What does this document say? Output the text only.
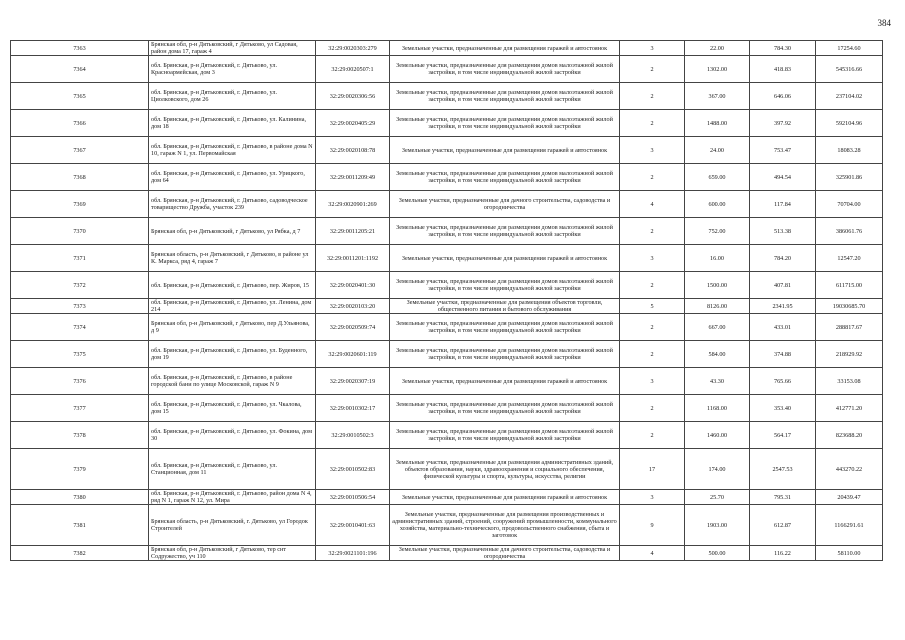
384
7363	Брянская обл, р-н Дятьковский, г Дятьково, ул Садовая, район дома 17, гараж 4	32:29:0020303:279	Земельные участки, предназначенные для размещения гаражей и автостоянок	3	22.00	784.30	17254.60
7364	обл. Брянская, р-н Дятьковский, г. Дятьково, ул. Красноармейская, дом 3	32:29:0020507:1	Земельные участки, предназначенные для размещения домов малоэтажной жилой застройки, в том числе индивидуальной жилой застройки	2	1302.00	418.83	545316.66
7365	обл. Брянская, р-н Дятьковский, г. Дятьково, ул. Циолковского, дом 26	32:29:0020306:56	Земельные участки, предназначенные для размещения домов малоэтажной жилой застройки, в том числе индивидуальной жилой застройки	2	367.00	646.06	237104.02
7366	обл. Брянская, р-н Дятьковский, г. Дятьково, ул. Калинина, дом 18	32:29:0020405:29	Земельные участки, предназначенные для размещения домов малоэтажной жилой застройки, в том числе индивидуальной жилой застройки	2	1488.00	397.92	592104.96
7367	обл. Брянская, р-н Дятьковский, г. Дятьково, в районе дома N 10, гараж N 1, ул. Первомайская	32:29:0020108:78	Земельные участки, предназначенные для размещения гаражей и автостоянок	3	24.00	753.47	18083.28
7368	обл. Брянская, р-н Дятьковский, г. Дятьково, ул. Урицкого, дом 64	32:29:0011209:49	Земельные участки, предназначенные для размещения домов малоэтажной жилой застройки, в том числе индивидуальной жилой застройки	2	659.00	494.54	325901.86
7369	обл. Брянская, р-н Дятьковский, г. Дятьково, садоводческое товарищество Дружба, участок 239	32:29:0020901:269	Земельные участки, предназначенные для дачного строительства, садоводства и огородничества	4	600.00	117.84	70704.00
7370	Брянская обл, р-н Дятьковский, г Дятьково, ул Рябка, д 7	32:29:0011205:21	Земельные участки, предназначенные для размещения домов малоэтажной жилой застройки, в том числе индивидуальной жилой застройки	2	752.00	513.38	386061.76
7371	Брянская область, р-н Дятьковский, г Дятьково, в районе ул К. Маркса, ряд 4, гараж 7	32:29:0011201:1192	Земельные участки, предназначенные для размещения гаражей и автостоянок	3	16.00	784.20	12547.20
7372	обл. Брянская, р-н Дятьковский, г. Дятьково, пер. Жиров, 15	32:29:0020401:30	Земельные участки, предназначенные для размещения домов малоэтажной жилой застройки, в том числе индивидуальной жилой застройки	2	1500.00	407.81	611715.00
7373	обл. Брянская, р-н Дятьковский, г. Дятьково, ул. Ленина, дом 214	32:29:0020103:20	Земельные участки, предназначенные для размещения объектов торговли, общественного питания и бытового обслуживания	5	8126.00	2341.95	19030685.70
7374	Брянская обл, р-н Дятьковский, г Дятьково, пер Д.Ульянова, д 9	32:29:0020509:74	Земельные участки, предназначенные для размещения домов малоэтажной жилой застройки, в том числе индивидуальной жилой застройки	2	667.00	433.01	288817.67
7375	обл. Брянская, р-н Дятьковский, г. Дятьково, ул. Буденного, дом 19	32:29:0020601:119	Земельные участки, предназначенные для размещения домов малоэтажной жилой застройки, в том числе индивидуальной жилой застройки	2	584.00	374.88	218929.92
7376	обл. Брянская, р-н Дятьковский, г. Дятьково, в районе городской бани по улице Московской, гараж N 9	32:29:0020307:19	Земельные участки, предназначенные для размещения гаражей и автостоянок	3	43.30	765.66	33153.08
7377	обл. Брянская, р-н Дятьковский, г. Дятьково, ул. Чкалова, дом 15	32:29:0010302:17	Земельные участки, предназначенные для размещения домов малоэтажной жилой застройки, в том числе индивидуальной жилой застройки	2	1168.00	353.40	412771.20
7378	обл. Брянская, р-н Дятьковский, г. Дятьково, ул. Фокина, дом 30	32:29:0010502:3	Земельные участки, предназначенные для размещения домов малоэтажной жилой застройки, в том числе индивидуальной жилой застройки	2	1460.00	564.17	823688.20
7379	обл. Брянская, р-н Дятьковский, г. Дятьково, ул. Станционная, дом 11	32:29:0010502:83	Земельные участки, предназначенные для размещения административных зданий, объектов образования, науки, здравоохранения и социального обеспечения, физической культуры и спорта, культуры, искусства, религии	17	174.00	2547.53	443270.22
7380	обл. Брянская, р-н Дятьковский, г. Дятьково, район дома N 4, ряд N 1, гараж N 12, ул. Мира	32:29:0010506:54	Земельные участки, предназначенные для размещения гаражей и автостоянок	3	25.70	795.31	20439.47
7381	Брянская область, р-н Дятьковский, г. Дятьково, ул Городок Строителей	32:29:0010401:63	Земельные участки, предназначенные для размещения производственных и административных зданий, строений, сооружений промышленности, коммунального хозяйства, материально-технического, продовольственного снабжения, сбыта и заготовок	9	1903.00	612.87	1166291.61
7382	Брянская обл, р-н Дятьковский, г Дятьково, тер снт Содружество, уч 110	32:29:0021101:196	Земельные участки, предназначенные для дачного строительства, садоводства и огородничества	4	500.00	116.22	58110.00
